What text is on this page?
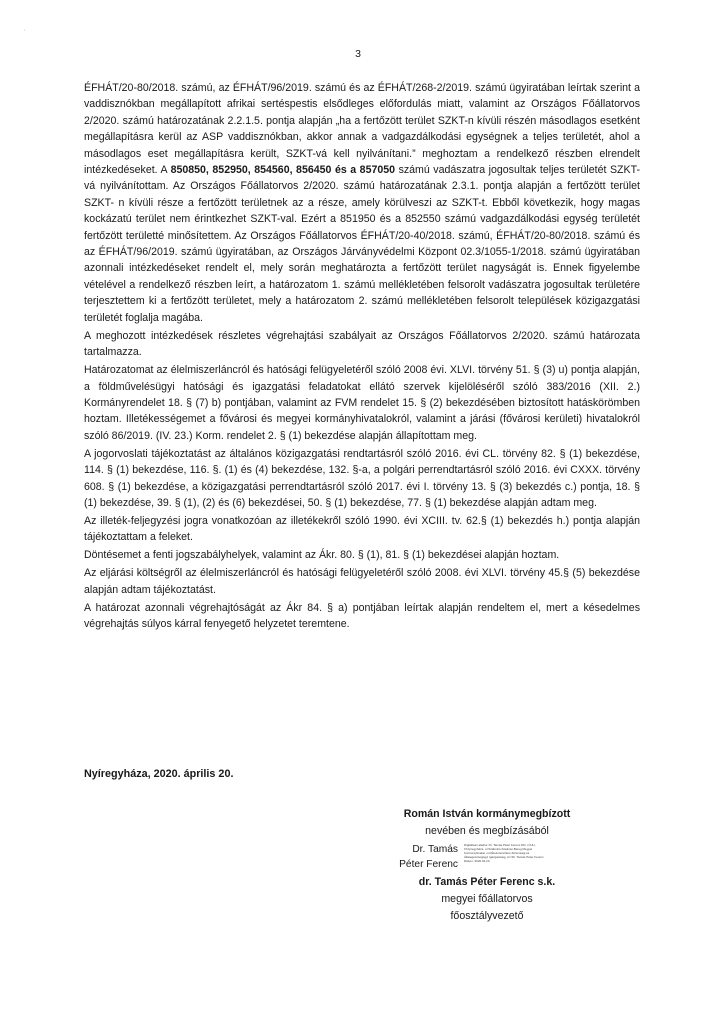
'
3

ÉFHÁT/20-80/2018. számú, az ÉFHÁT/96/2019. számú és az ÉFHÁT/268-2/2019. számú ügyiratában leírtak szerint a vaddisznókban megállapított afrikai sertéspestis elsődleges előfordulás miatt, valamint az Országos Főállatorvos 2/2020. számú határozatának 2.2.1.5. pontja alapján „ha a fertőzött terület SZKT-n kívüli részén másodlagos esetként megállapításra kerül az ASP vaddisznókban, akkor annak a vadgazdálkodási egységnek a teljes területét, ahol a másodlagos eset megállapításra került, SZKT-vá kell nyilvánítani.” meghoztam a rendelkező részben elrendelt intézkedéseket. A 850850, 852950, 854560, 856450 és a 857050 számú vadászatra jogosultak teljes területét SZKT-vá nyilvánítottam. Az Országos Főállatorvos 2/2020. számú határozatának 2.3.1. pontja alapján a fertőzött terület SZKT- n kívüli része a fertőzött területnek az a része, amely körülveszi az SZKT-t. Ebből következik, hogy magas kockázatú terület nem érintkezhet SZKT-val. Ezért a 851950 és a 852550 számú vadgazdálkodási egység területét fertőzött területté minősítettem. Az Országos Főállatorvos ÉFHÁT/20-40/2018. számú, ÉFHÁT/20-80/2018. számú és az ÉFHÁT/96/2019. számú ügyiratában, az Országos Járványvédelmi Központ 02.3/1055-1/2018. számú ügyiratában azonnali intézkedéseket rendelt el, mely során meghatározta a fertőzött terület nagyságát is. Ennek figyelembe vételével a rendelkező részben leírt, a határozatom 1. számú mellékletében felsorolt vadászatra jogosultak területére terjesztettem ki a fertőzött területet, mely a határozatom 2. számú mellékletében felsorolt települések közigazgatási területét foglalja magába.

A meghozott intézkedések részletes végrehajtási szabályait az Országos Főállatorvos 2/2020. számú határozata tartalmazza.

Határozatomat az élelmiszerláncról és hatósági felügyeletéről szóló 2008 évi. XLVI. törvény 51. § (3) u) pontja alapján, a földművelésügyi hatósági és igazgatási feladatokat ellátó szervek kijelöléséről szóló 383/2016 (XII. 2.) Kormányrendelet 18. § (7) b) pontjában, valamint az FVM rendelet 15. § (2) bekezdésében biztosított hatáskörömben hoztam. Illetékességemet a fővárosi és megyei kormányhivatalokról, valamint a járási (fővárosi kerületi) hivatalokról szóló 86/2019. (IV. 23.) Korm. rendelet 2. § (1) bekezdése alapján állapítottam meg.

A jogorvoslati tájékoztatást az általános közigazgatási rendtartásról szóló 2016. évi CL. törvény 82. § (1) bekezdése, 114. § (1) bekezdése, 116. §. (1) és (4) bekezdése, 132. §-a, a polgári perrendtartásról szóló 2016. évi CXXX. törvény 608. § (1) bekezdése, a közigazgatási perrendtartásról szóló 2017. évi I. törvény 13. § (3) bekezdés c.) pontja, 18. § (1) bekezdése, 39. § (1), (2) és (6) bekezdései, 50. § (1) bekezdése, 77. § (1) bekezdése alapján adtam meg.

Az illeték-feljegyzési jogra vonatkozóan az illetékekről szóló 1990. évi XCIII. tv. 62.§ (1) bekezdés h.) pontja alapján tájékoztattam a feleket.

Döntésemet a fenti jogszabályhelyek, valamint az Ákr. 80. § (1), 81. § (1) bekezdései alapján hoztam.

Az eljárási költségről az élelmiszerláncról és hatósági felügyeletéről szóló 2008. évi XLVI. törvény 45.§ (5) bekezdése alapján adtam tájékoztatást.

A határozat azonnali végrehajtóságát az Ákr 84. § a) pontjában leírtak alapján rendeltem el, mert a késedelmes végrehajtás súlyos kárral fenyegető helyzetet teremtene.

Nyíregyháza, 2020. április 20.
Román István kormánymegbízott
nevében és megbízásából
Dr. Tamás
Péter Ferenc
Digitálisan aláírta: Dr. Tamás Péter Ferenc DN: c=HU, l=Nyíregyháza, o=Szabolcs-Szatmár-Bereg Megyei Kormányhivatal, ou=Élelmiszerlánc-biztonsági és Állategészségügyi Igazgatóság, cn=Dr. Tamás Péter Ferenc Dátum: 2020.04.20
dr. Tamás Péter Ferenc s.k.
megyei főállatorvos
főosztályvezető
